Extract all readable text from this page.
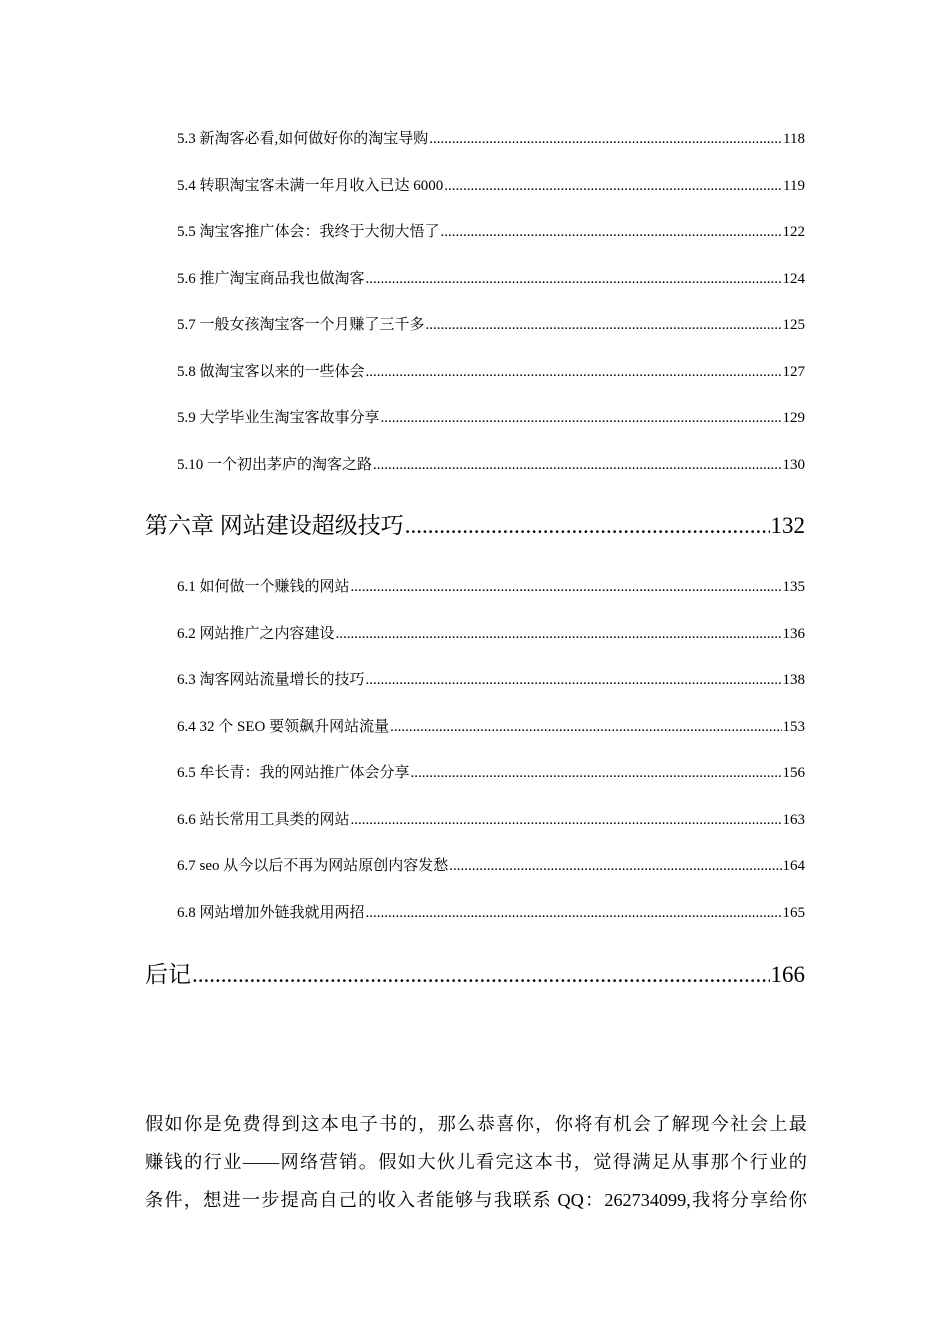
5.3 新淘客必看,如何做好你的淘宝导购 .....	118
5.4 转职淘宝客未满一年月收入已达 6000 .....	119
5.5 淘宝客推广体会：我终于大彻大悟了 .....	122
5.6 推广淘宝商品我也做淘客 .....	124
5.7 一般女孩淘宝客一个月赚了三千多 .....	125
5.8 做淘宝客以来的一些体会 .....	127
5.9 大学毕业生淘宝客故事分享 .....	129
5.10 一个初出茅庐的淘客之路 .....	130
第六章 网站建设超级技巧 .....	132
6.1 如何做一个赚钱的网站 .....	135
6.2 网站推广之内容建设 .....	136
6.3 淘客网站流量增长的技巧 .....	138
6.4 32 个 SEO 要领飙升网站流量 .....	153
6.5 牟长青：我的网站推广体会分享 .....	156
6.6 站长常用工具类的网站 .....	163
6.7 seo 从今以后不再为网站原创内容发愁 .....	164
6.8 网站增加外链我就用两招 .....	165
后记 .....	166
假如你是免费得到这本电子书的，那么恭喜你，你将有机会了解现今社会上最
赚钱的行业——网络营销。假如大伙儿看完这本书，觉得满足从事那个行业的
条件，想进一步提高自己的收入者能够与我联系 QQ：262734099,我将分享给你
